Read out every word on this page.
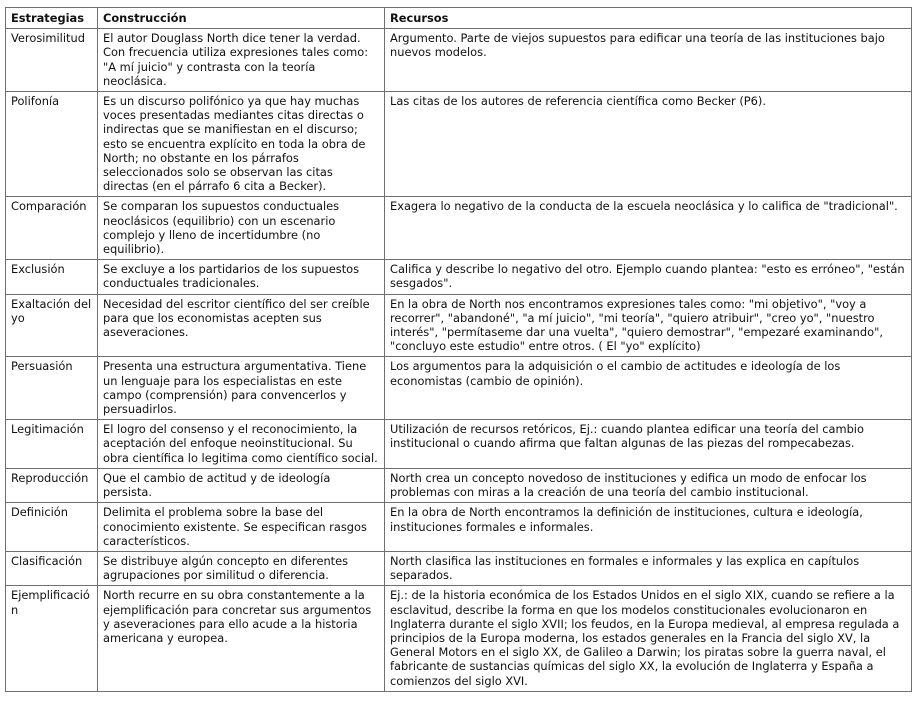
Estrategias	Construcción	Recursos
Verosimilitud	El autor Douglass North dice tener la verdad. Con frecuencia utiliza expresiones tales como: "A mí juicio" y contrasta con la teoría neoclásica.	Argumento. Parte de viejos supuestos para edificar una teoría de las instituciones bajo nuevos modelos.
Polifonía	Es un discurso polifónico ya que hay muchas voces presentadas mediantes citas directas o indirectas que se manifiestan en el discurso; esto se encuentra explícito en toda la obra de North; no obstante en los párrafos seleccionados solo se observan las citas directas (en el párrafo 6 cita a Becker).	Las citas de los autores de referencia científica como Becker (P6).
Comparación	Se comparan los supuestos conductuales neoclásicos (equilibrio) con un escenario complejo y lleno de incertidumbre (no equilibrio).	Exagera lo negativo de la conducta de la escuela neoclásica y lo califica de "tradicional".
Exclusión	Se excluye a los partidarios de los supuestos conductuales tradicionales.	Califica y describe lo negativo del otro. Ejemplo cuando plantea: "esto es erróneo", "están sesgados".
Exaltación del yo	Necesidad del escritor científico del ser creíble para que los economistas acepten sus aseveraciones.	En la obra de North nos encontramos expresiones tales como: "mi objetivo", "voy a recorrer", "abandoné", "a mí juicio", "mi teoría", "quiero atribuir", "creo yo", "nuestro interés", "permítaseme dar una vuelta", "quiero demostrar", "empezaré examinando", "concluyo este estudio" entre otros. ( El "yo" explícito)
Persuasión	Presenta una estructura argumentativa. Tiene un lenguaje para los especialistas en este campo (comprensión) para convencerlos y persuadirlos.	Los argumentos para la adquisición o el cambio de actitudes e ideología de los economistas (cambio de opinión).
Legitimación	El logro del consenso y el reconocimiento, la aceptación del enfoque neoinstitucional. Su obra científica lo legitima como científico social.	Utilización de recursos retóricos, Ej.: cuando plantea edificar una teoría del cambio institucional o cuando afirma que faltan algunas de las piezas del rompecabezas.
Reproducción	Que el cambio de actitud y de ideología persista.	North crea un concepto novedoso de instituciones y edifica un modo de enfocar los problemas con miras a la creación de una teoría del cambio institucional.
Definición	Delimita el problema sobre la base del conocimiento existente. Se especifican rasgos característicos.	En la obra de North encontramos la definición de instituciones, cultura e ideología, instituciones formales e informales.
Clasificación	Se distribuye algún concepto en diferentes agrupaciones por similitud o diferencia.	North clasifica las instituciones en formales e informales y las explica en capítulos separados.
Ejemplificación	North recurre en su obra constantemente a la ejemplificación para concretar sus argumentos y aseveraciones para ello acude a la historia americana y europea.	Ej.: de la historia económica de los Estados Unidos en el siglo XIX, cuando se refiere a la esclavitud, describe la forma en que los modelos constitucionales evolucionaron en Inglaterra durante el siglo XVII; los feudos, en la Europa medieval, al empresa regulada a principios de la Europa moderna, los estados generales en la Francia del siglo XV, la General Motors en el siglo XX, de Galileo a Darwin; los piratas sobre la guerra naval, el fabricante de sustancias químicas del siglo XX, la evolución de Inglaterra y España a comienzos del siglo XVI.
